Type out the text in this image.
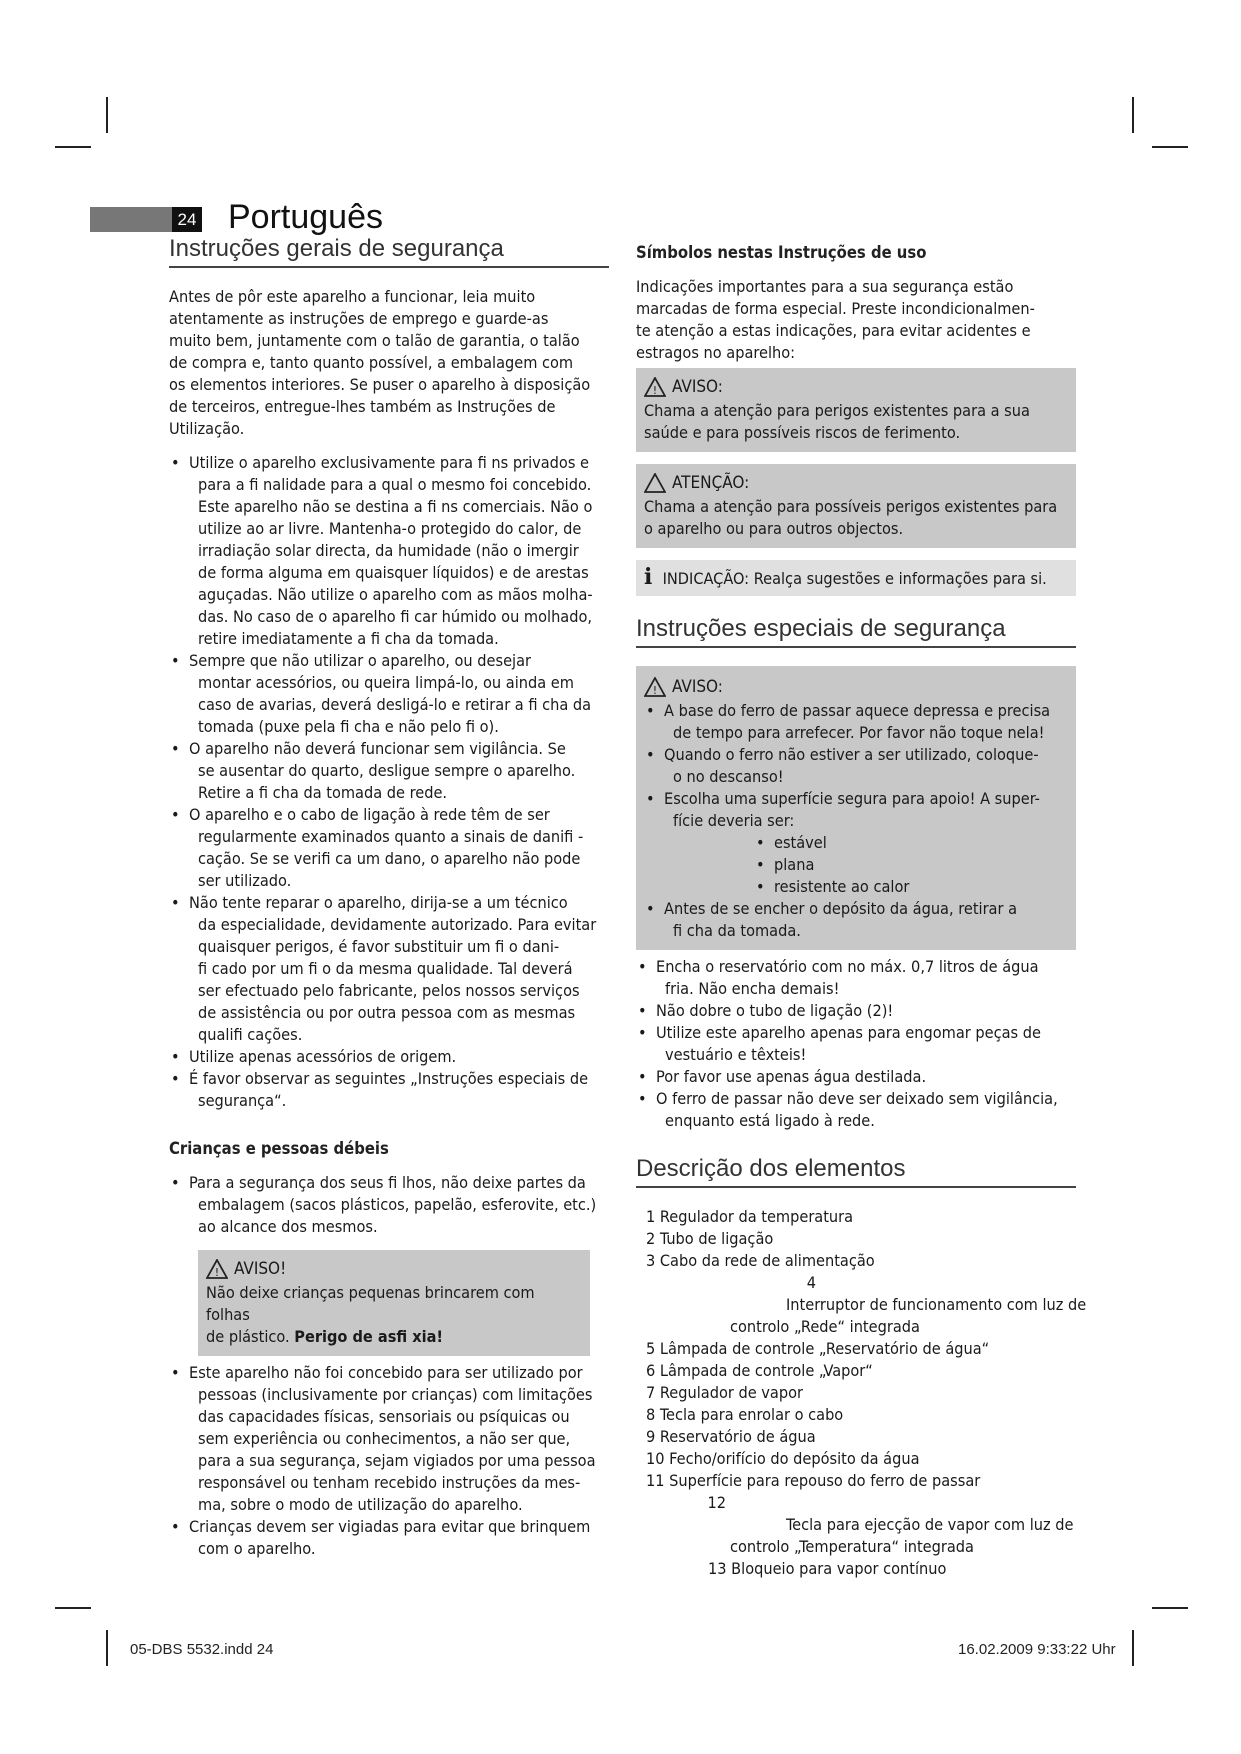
24 Português
Instruções gerais de segurança

Antes de pôr este aparelho a funcionar, leia muito
atentamente as instruções de emprego e guarde-as
muito bem, juntamente com o talão de garantia, o talão
de compra e, tanto quanto possível, a embalagem com
os elementos interiores. Se puser o aparelho à disposição
de terceiros, entregue-lhes também as Instruções de
Utilização.

• Utilize o aparelho exclusivamente para fi ns privados e
para a fi nalidade para a qual o mesmo foi concebido.
Este aparelho não se destina a fi ns comerciais. Não o
utilize ao ar livre. Mantenha-o protegido do calor, de
irradiação solar directa, da humidade (não o imergir
de forma alguma em quaisquer líquidos) e de arestas
aguçadas. Não utilize o aparelho com as mãos molha-
das. No caso de o aparelho fi car húmido ou molhado,
retire imediatamente a fi cha da tomada.
• Sempre que não utilizar o aparelho, ou desejar
montar acessórios, ou queira limpá-lo, ou ainda em
caso de avarias, deverá desligá-lo e retirar a fi cha da
tomada (puxe pela fi cha e não pelo fi o).
• O aparelho não deverá funcionar sem vigilância. Se
se ausentar do quarto, desligue sempre o aparelho.
Retire a fi cha da tomada de rede.
• O aparelho e o cabo de ligação à rede têm de ser
regularmente examinados quanto a sinais de danifi -
cação. Se se verifi ca um dano, o aparelho não pode
ser utilizado.
• Não tente reparar o aparelho, dirija-se a um técnico
da especialidade, devidamente autorizado. Para evitar
quaisquer perigos, é favor substituir um fi o dani-
fi cado por um fi o da mesma qualidade. Tal deverá
ser efectuado pelo fabricante, pelos nossos serviços
de assistência ou por outra pessoa com as mesmas
qualifi cações.
• Utilize apenas acessórios de origem.
• É favor observar as seguintes „Instruções especiais de
segurança“.
Crianças e pessoas débeis
• Para a segurança dos seus fi lhos, não deixe partes da
embalagem (sacos plásticos, papelão, esferovite, etc.)
ao alcance dos mesmos.
! AVISO!
Não deixe crianças pequenas brincarem com folhas
de plástico. Perigo de asfi xia!
• Este aparelho não foi concebido para ser utilizado por
pessoas (inclusivamente por crianças) com limitações
das capacidades físicas, sensoriais ou psíquicas ou
sem experiência ou conhecimentos, a não ser que,
para a sua segurança, sejam vigiados por uma pessoa
responsável ou tenham recebido instruções da mes-
ma, sobre o modo de utilização do aparelho.
• Crianças devem ser vigiadas para evitar que brinquem
com o aparelho.
Símbolos nestas Instruções de uso

Indicações importantes para a sua segurança estão
marcadas de forma especial. Preste incondicionalmen-
te atenção a estas indicações, para evitar acidentes e
estragos no aparelho:

! AVISO:
Chama a atenção para perigos existentes para a sua
saúde e para possíveis riscos de ferimento.
ATENÇÃO:
Chama a atenção para possíveis perigos existentes para
o aparelho ou para outros objectos.
i INDICAÇÃO: Realça sugestões e informações para si.
Instruções especiais de segurança
! AVISO:
• A base do ferro de passar aquece depressa e precisa
de tempo para arrefecer. Por favor não toque nela!
• Quando o ferro não estiver a ser utilizado, coloque-
o no descanso!
• Escolha uma superfície segura para apoio! A super-
fície deveria ser:
• estável
• plana
• resistente ao calor
• Antes de se encher o depósito da água, retirar a
fi cha da tomada.
• Encha o reservatório com no máx. 0,7 litros de água
fria. Não encha demais!
• Não dobre o tubo de ligação (2)!
• Utilize este aparelho apenas para engomar peças de
vestuário e têxteis!
• Por favor use apenas água destilada.
• O ferro de passar não deve ser deixado sem vigilância,
enquanto está ligado à rede.
Descrição dos elementos
1 Regulador da temperatura
2 Tubo de ligação
3 Cabo da rede de alimentação
4Interruptor de funcionamento com luz de
controlo „Rede“ integrada
5 Lâmpada de controle „Reservatório de água“
6 Lâmpada de controle „Vapor“
7 Regulador de vapor
8 Tecla para enrolar o cabo
9 Reservatório de água
10 Fecho/orifício do depósito da água
11 Superfície para repouso do ferro de passar
12Tecla para ejecção de vapor com luz de
controlo „Temperatura“ integrada
13 Bloqueio para vapor contínuo
05-DBS 5532.indd 24	16.02.2009 9:33:22 Uhr
